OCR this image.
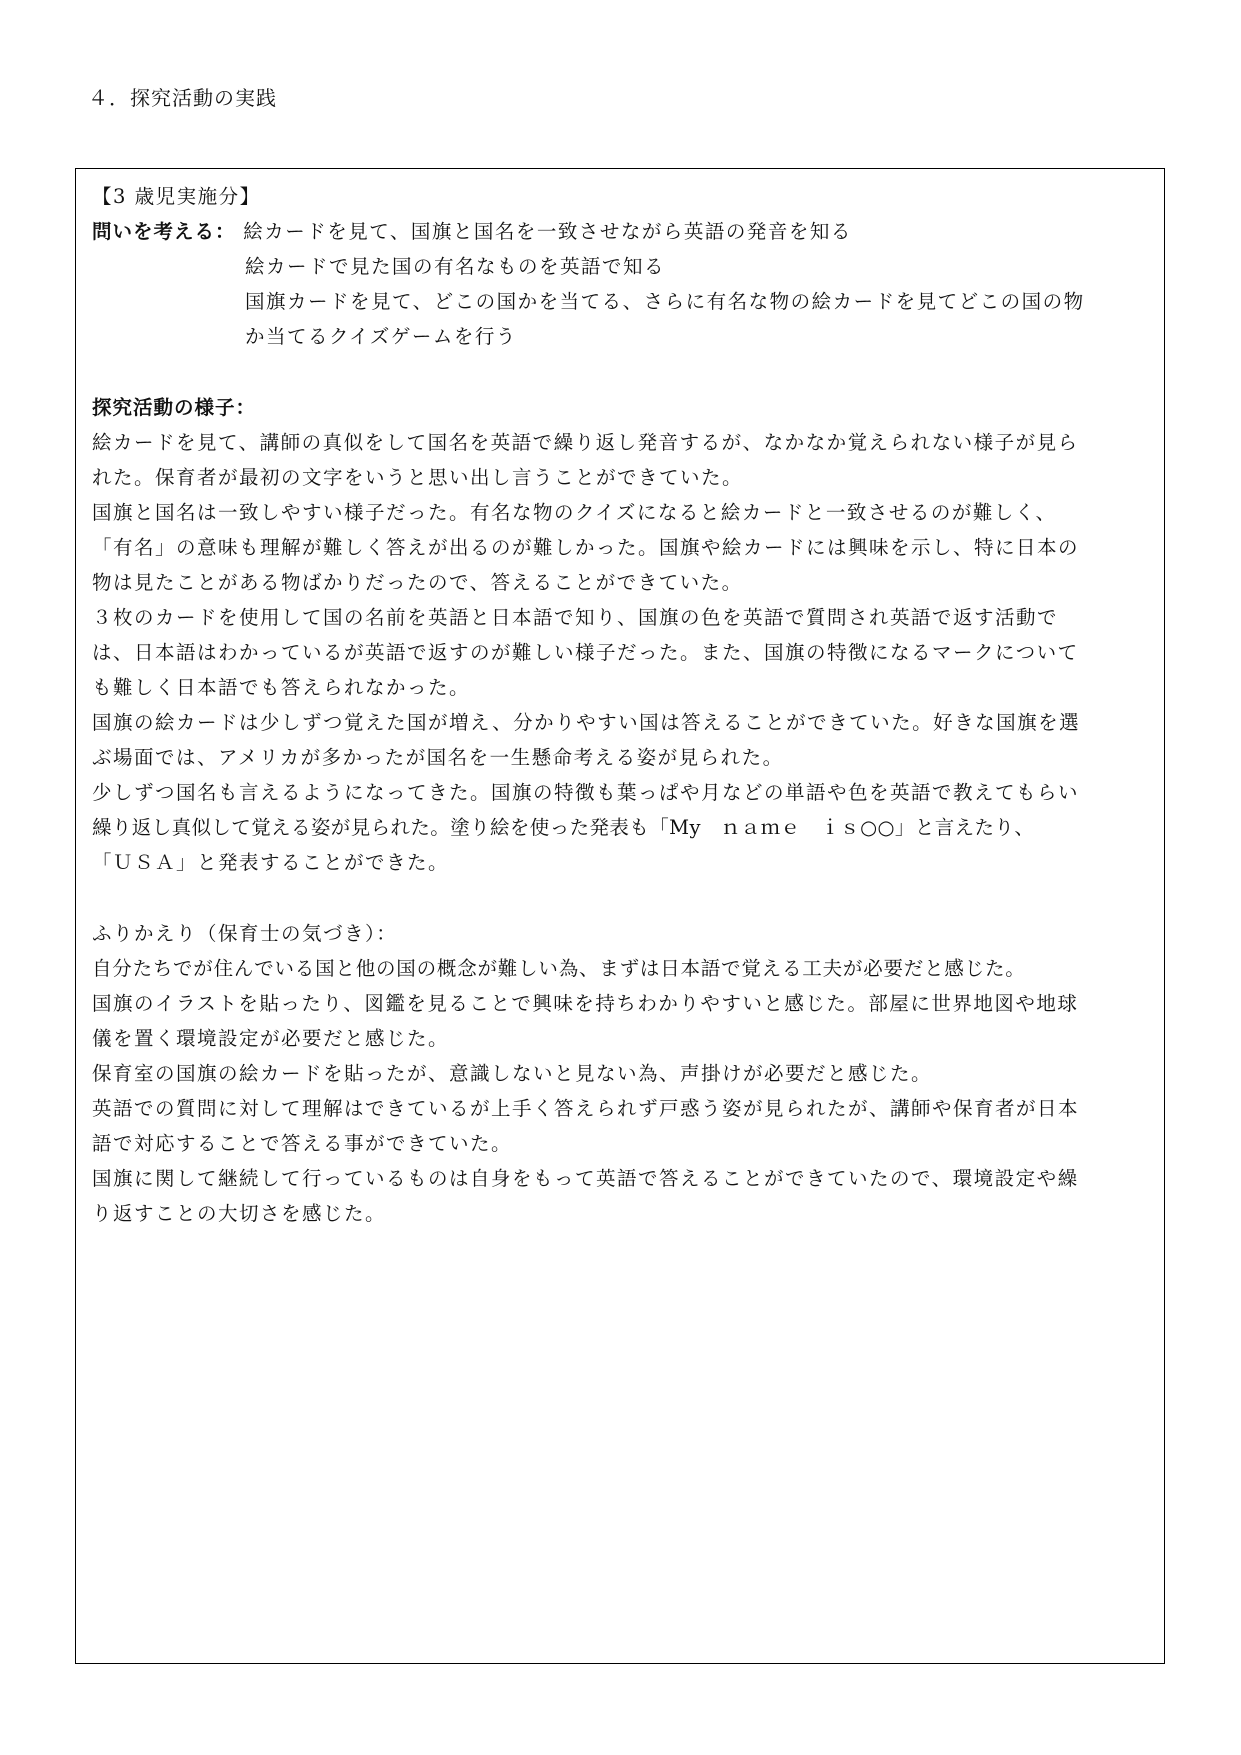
４．探究活動の実践
【3 歳児実施分】
問いを考える： 絵カードを見て、国旗と国名を一致させながら英語の発音を知る
絵カードで見た国の有名なものを英語で知る
国旗カードを見て、どこの国かを当てる、さらに有名な物の絵カードを見てどこの国の物
か当てるクイズゲームを行う
探究活動の様子：
絵カードを見て、講師の真似をして国名を英語で繰り返し発音するが、なかなか覚えられない様子が見ら
れた。保育者が最初の文字をいうと思い出し言うことができていた。
国旗と国名は一致しやすい様子だった。有名な物のクイズになると絵カードと一致させるのが難しく、
「有名」の意味も理解が難しく答えが出るのが難しかった。国旗や絵カードには興味を示し、特に日本の
物は見たことがある物ばかりだったので、答えることができていた。
３枚のカードを使用して国の名前を英語と日本語で知り、国旗の色を英語で質問され英語で返す活動で
は、日本語はわかっているが英語で返すのが難しい様子だった。また、国旗の特徴になるマークについて
も難しく日本語でも答えられなかった。
国旗の絵カードは少しずつ覚えた国が増え、分かりやすい国は答えることができていた。好きな国旗を選
ぶ場面では、アメリカが多かったが国名を一生懸命考える姿が見られた。
少しずつ国名も言えるようになってきた。国旗の特徴も葉っぱや月などの単語や色を英語で教えてもらい
繰り返し真似して覚える姿が見られた。塗り絵を使った発表も「My　ｎａｍｅ　ｉｓ○○」と言えたり、
「ＵＳＡ」と発表することができた。
ふりかえり（保育士の気づき）：
自分たちでが住んでいる国と他の国の概念が難しい為、まずは日本語で覚える工夫が必要だと感じた。
国旗のイラストを貼ったり、図鑑を見ることで興味を持ちわかりやすいと感じた。部屋に世界地図や地球
儀を置く環境設定が必要だと感じた。
保育室の国旗の絵カードを貼ったが、意識しないと見ない為、声掛けが必要だと感じた。
英語での質問に対して理解はできているが上手く答えられず戸惑う姿が見られたが、講師や保育者が日本
語で対応することで答える事ができていた。
国旗に関して継続して行っているものは自身をもって英語で答えることができていたので、環境設定や繰
り返すことの大切さを感じた。
